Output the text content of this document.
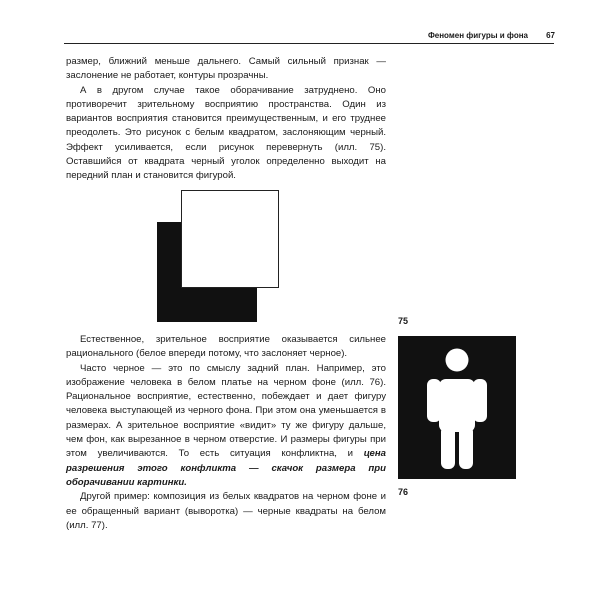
Феномен фигуры и фона 67

размер, ближний меньше дальнего. Самый сильный признак — заслонение не работает, контуры прозрачны.

А в другом случае такое оборачивание затруднено. Оно противоречит зрительному восприятию пространства. Один из вариантов восприятия становится преимущественным, и его труднее преодолеть. Это рисунок с белым квадратом, заслоняющим черный. Эффект усиливается, если рисунок перевернуть (илл. 75). Оставшийся от квадрата черный уголок определенно выходит на передний план и становится фигурой.

75
76

Естественное, зрительное восприятие оказывается сильнее рационального (белое впереди потому, что заслоняет черное).

Часто черное — это по смыслу задний план. Например, это изображение человека в белом платье на черном фоне (илл. 76). Рациональное восприятие, естественно, побеждает и дает фигуру человека выступающей из черного фона. При этом она уменьшается в размерах. А зрительное восприятие «видит» ту же фигуру дальше, чем фон, как вырезанное в черном отверстие. И размеры фигуры при этом увеличиваются. То есть ситуация конфликтна, и цена разрешения этого конфликта — скачок размера при оборачивании картинки.

Другой пример: композиция из белых квадратов на черном фоне и ее обращенный вариант (выворотка) — черные квадраты на белом (илл. 77).
